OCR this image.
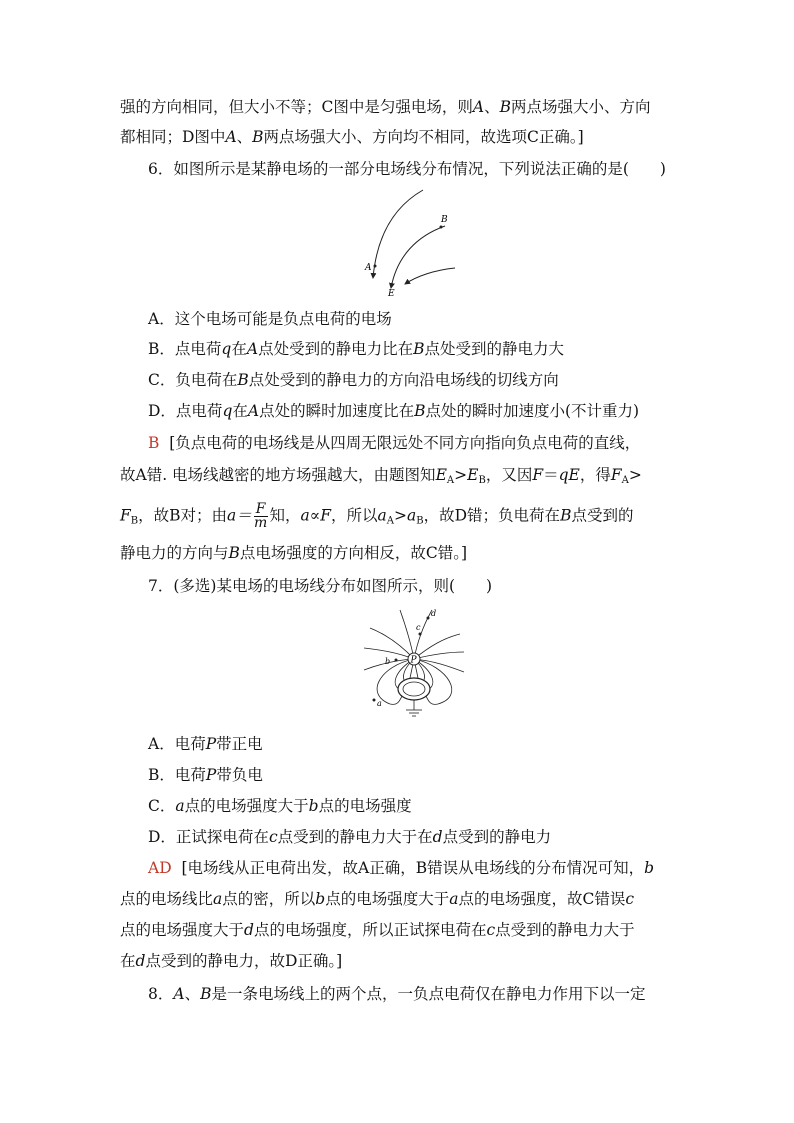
强的方向相同，但大小不等；C图中是匀强电场，则A、B两点场强大小、方向
都相同；D图中A、B两点场强大小、方向均不相同，故选项C正确。]
6．如图所示是某静电场的一部分电场线分布情况，下列说法正确的是(　　)
A
B
E
A．这个电场可能是负点电荷的电场
B．点电荷q在A点处受到的静电力比在B点处受到的静电力大
C．负电荷在B点处受到的静电力的方向沿电场线的切线方向
D．点电荷q在A点处的瞬时加速度比在B点处的瞬时加速度小(不计重力)
B [负点电荷的电场线是从四周无限远处不同方向指向负点电荷的直线，
故A错. 电场线越密的地方场强越大，由题图知$E_A>E_B$，又因F＝qE，得$F_A>$
$F_B$，故B对；由$a= \frac{F}{m}$ 知，a∝F，所以$a_A>a_B$，故D错；负电荷在B点受到的
静电力的方向与B点电场强度的方向相反，故C错。]
7．(多选)某电场的电场线分布如图所示，则(　　)
P
d
c
b
a
A．电荷P带正电
B．电荷P带负电
C．a点的电场强度大于b点的电场强度
D．正试探电荷在c点受到的静电力大于在d点受到的静电力
AD [电场线从正电荷出发，故A正确，B错误从电场线的分布情况可知，b
点的电场线比a点的密，所以b点的电场强度大于a点的电场强度，故C错误c
点的电场强度大于d点的电场强度，所以正试探电荷在c点受到的静电力大于
在d点受到的静电力，故D正确。]
8．A、B是一条电场线上的两个点，一负点电荷仅在静电力作用下以一定
